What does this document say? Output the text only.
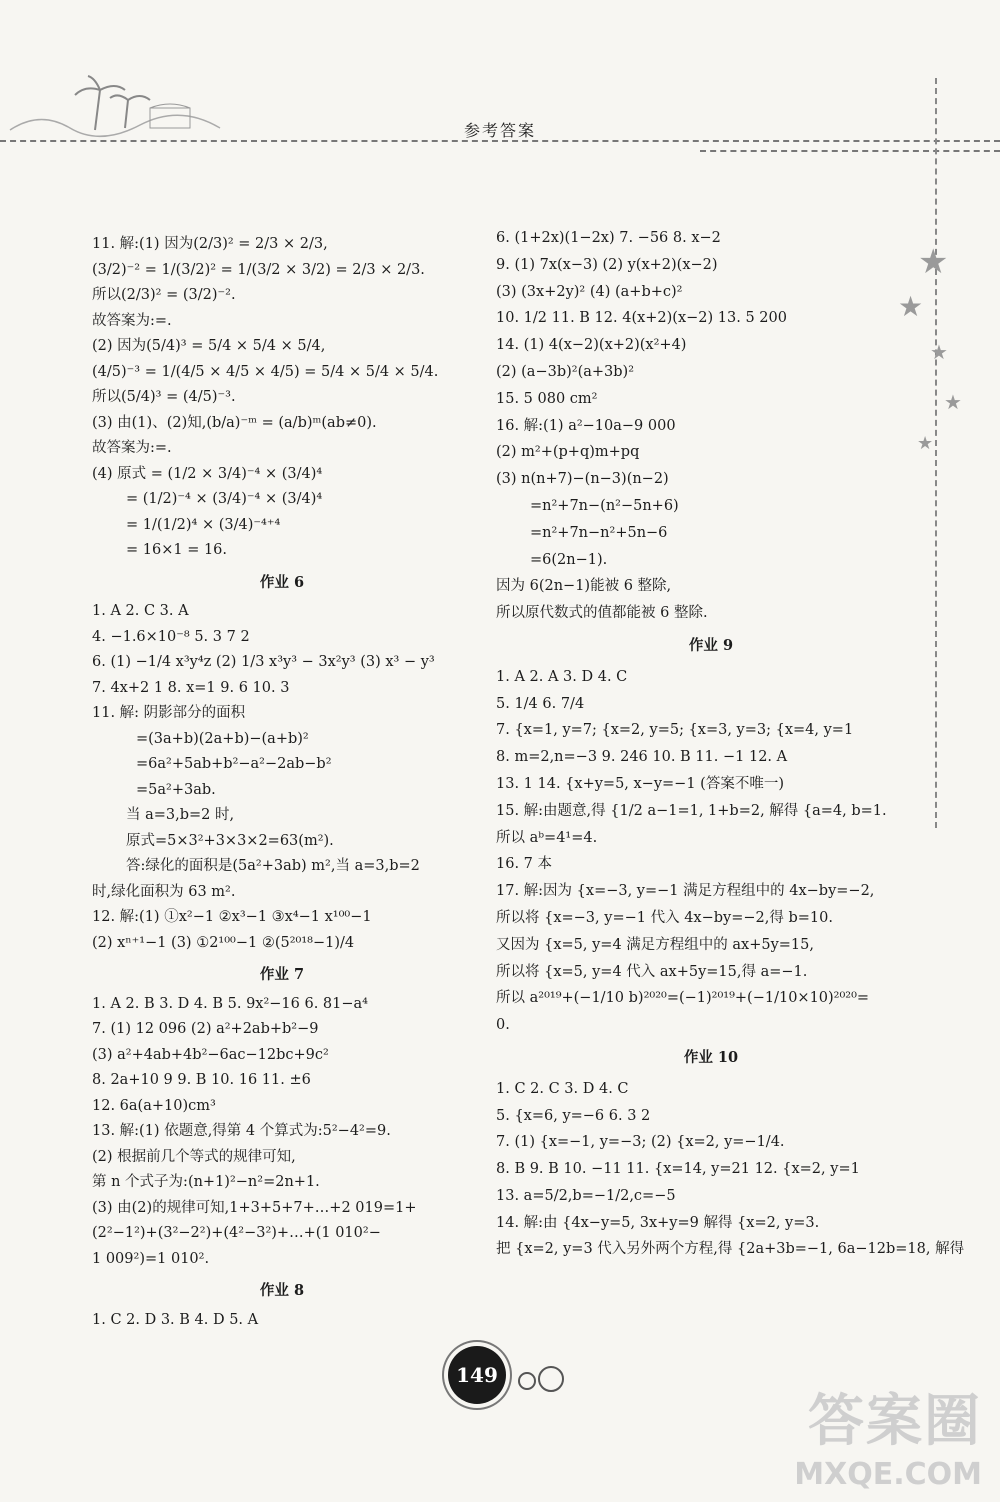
参考答案
★
★
★
★
★
11. 解:(1) 因为(2/3)² = 2/3 × 2/3,
(3/2)⁻² = 1/(3/2)² = 1/(3/2 × 3/2) = 2/3 × 2/3.
所以(2/3)² = (3/2)⁻².
故答案为:=.
(2) 因为(5/4)³ = 5/4 × 5/4 × 5/4,
(4/5)⁻³ = 1/(4/5 × 4/5 × 4/5) = 5/4 × 5/4 × 5/4.
所以(5/4)³ = (4/5)⁻³.
(3) 由(1)、(2)知,(b/a)⁻ᵐ = (a/b)ᵐ(ab≠0).
故答案为:=.
(4) 原式 = (1/2 × 3/4)⁻⁴ × (3/4)⁴
= (1/2)⁻⁴ × (3/4)⁻⁴ × (3/4)⁴
= 1/(1/2)⁴ × (3/4)⁻⁴⁺⁴
= 16×1 = 16.
作业 6
1. A 2. C 3. A
4. −1.6×10⁻⁸ 5. 3 7 2
6. (1) −1/4 x³y⁴z (2) 1/3 x³y³ − 3x²y³ (3) x³ − y³
7. 4x+2 1 8. x=1 9. 6 10. 3
11. 解: 阴影部分的面积
=(3a+b)(2a+b)−(a+b)²
=6a²+5ab+b²−a²−2ab−b²
=5a²+3ab.
当 a=3,b=2 时,
原式=5×3²+3×3×2=63(m²).
答:绿化的面积是(5a²+3ab) m²,当 a=3,b=2
时,绿化面积为 63 m².
12. 解:(1) ①x²−1 ②x³−1 ③x⁴−1 x¹⁰⁰−1
(2) xⁿ⁺¹−1 (3) ①2¹⁰⁰−1 ②(5²⁰¹⁸−1)/4
作业 7
1. A 2. B 3. D 4. B 5. 9x²−16 6. 81−a⁴
7. (1) 12 096 (2) a²+2ab+b²−9
(3) a²+4ab+4b²−6ac−12bc+9c²
8. 2a+10 9 9. B 10. 16 11. ±6
12. 6a(a+10)cm³
13. 解:(1) 依题意,得第 4 个算式为:5²−4²=9.
(2) 根据前几个等式的规律可知,
第 n 个式子为:(n+1)²−n²=2n+1.
(3) 由(2)的规律可知,1+3+5+7+…+2 019=1+
(2²−1²)+(3²−2²)+(4²−3²)+…+(1 010²−
1 009²)=1 010².
作业 8
1. C 2. D 3. B 4. D 5. A
6. (1+2x)(1−2x) 7. −56 8. x−2
9. (1) 7x(x−3) (2) y(x+2)(x−2)
(3) (3x+2y)² (4) (a+b+c)²
10. 1/2 11. B 12. 4(x+2)(x−2) 13. 5 200
14. (1) 4(x−2)(x+2)(x²+4)
(2) (a−3b)²(a+3b)²
15. 5 080 cm²
16. 解:(1) a²−10a−9 000
(2) m²+(p+q)m+pq
(3) n(n+7)−(n−3)(n−2)
=n²+7n−(n²−5n+6)
=n²+7n−n²+5n−6
=6(2n−1).
因为 6(2n−1)能被 6 整除,
所以原代数式的值都能被 6 整除.
作业 9
1. A 2. A 3. D 4. C
5. 1/4 6. 7/4
7. {x=1, y=7; {x=2, y=5; {x=3, y=3; {x=4, y=1
8. m=2,n=−3 9. 246 10. B 11. −1 12. A
13. 1 14. {x+y=5, x−y=−1 (答案不唯一)
15. 解:由题意,得 {1/2 a−1=1, 1+b=2, 解得 {a=4, b=1.
所以 aᵇ=4¹=4.
16. 7 本
17. 解:因为 {x=−3, y=−1 满足方程组中的 4x−by=−2,
所以将 {x=−3, y=−1 代入 4x−by=−2,得 b=10.
又因为 {x=5, y=4 满足方程组中的 ax+5y=15,
所以将 {x=5, y=4 代入 ax+5y=15,得 a=−1.
所以 a²⁰¹⁹+(−1/10 b)²⁰²⁰=(−1)²⁰¹⁹+(−1/10×10)²⁰²⁰=
0.
作业 10
1. C 2. C 3. D 4. C
5. {x=6, y=−6 6. 3 2
7. (1) {x=−1, y=−3; (2) {x=2, y=−1/4.
8. B 9. B 10. −11 11. {x=14, y=21 12. {x=2, y=1
13. a=5/2,b=−1/2,c=−5
14. 解:由 {4x−y=5, 3x+y=9 解得 {x=2, y=3.
把 {x=2, y=3 代入另外两个方程,得 {2a+3b=−1, 6a−12b=18, 解得
149
答案圈
MXQE.COM
